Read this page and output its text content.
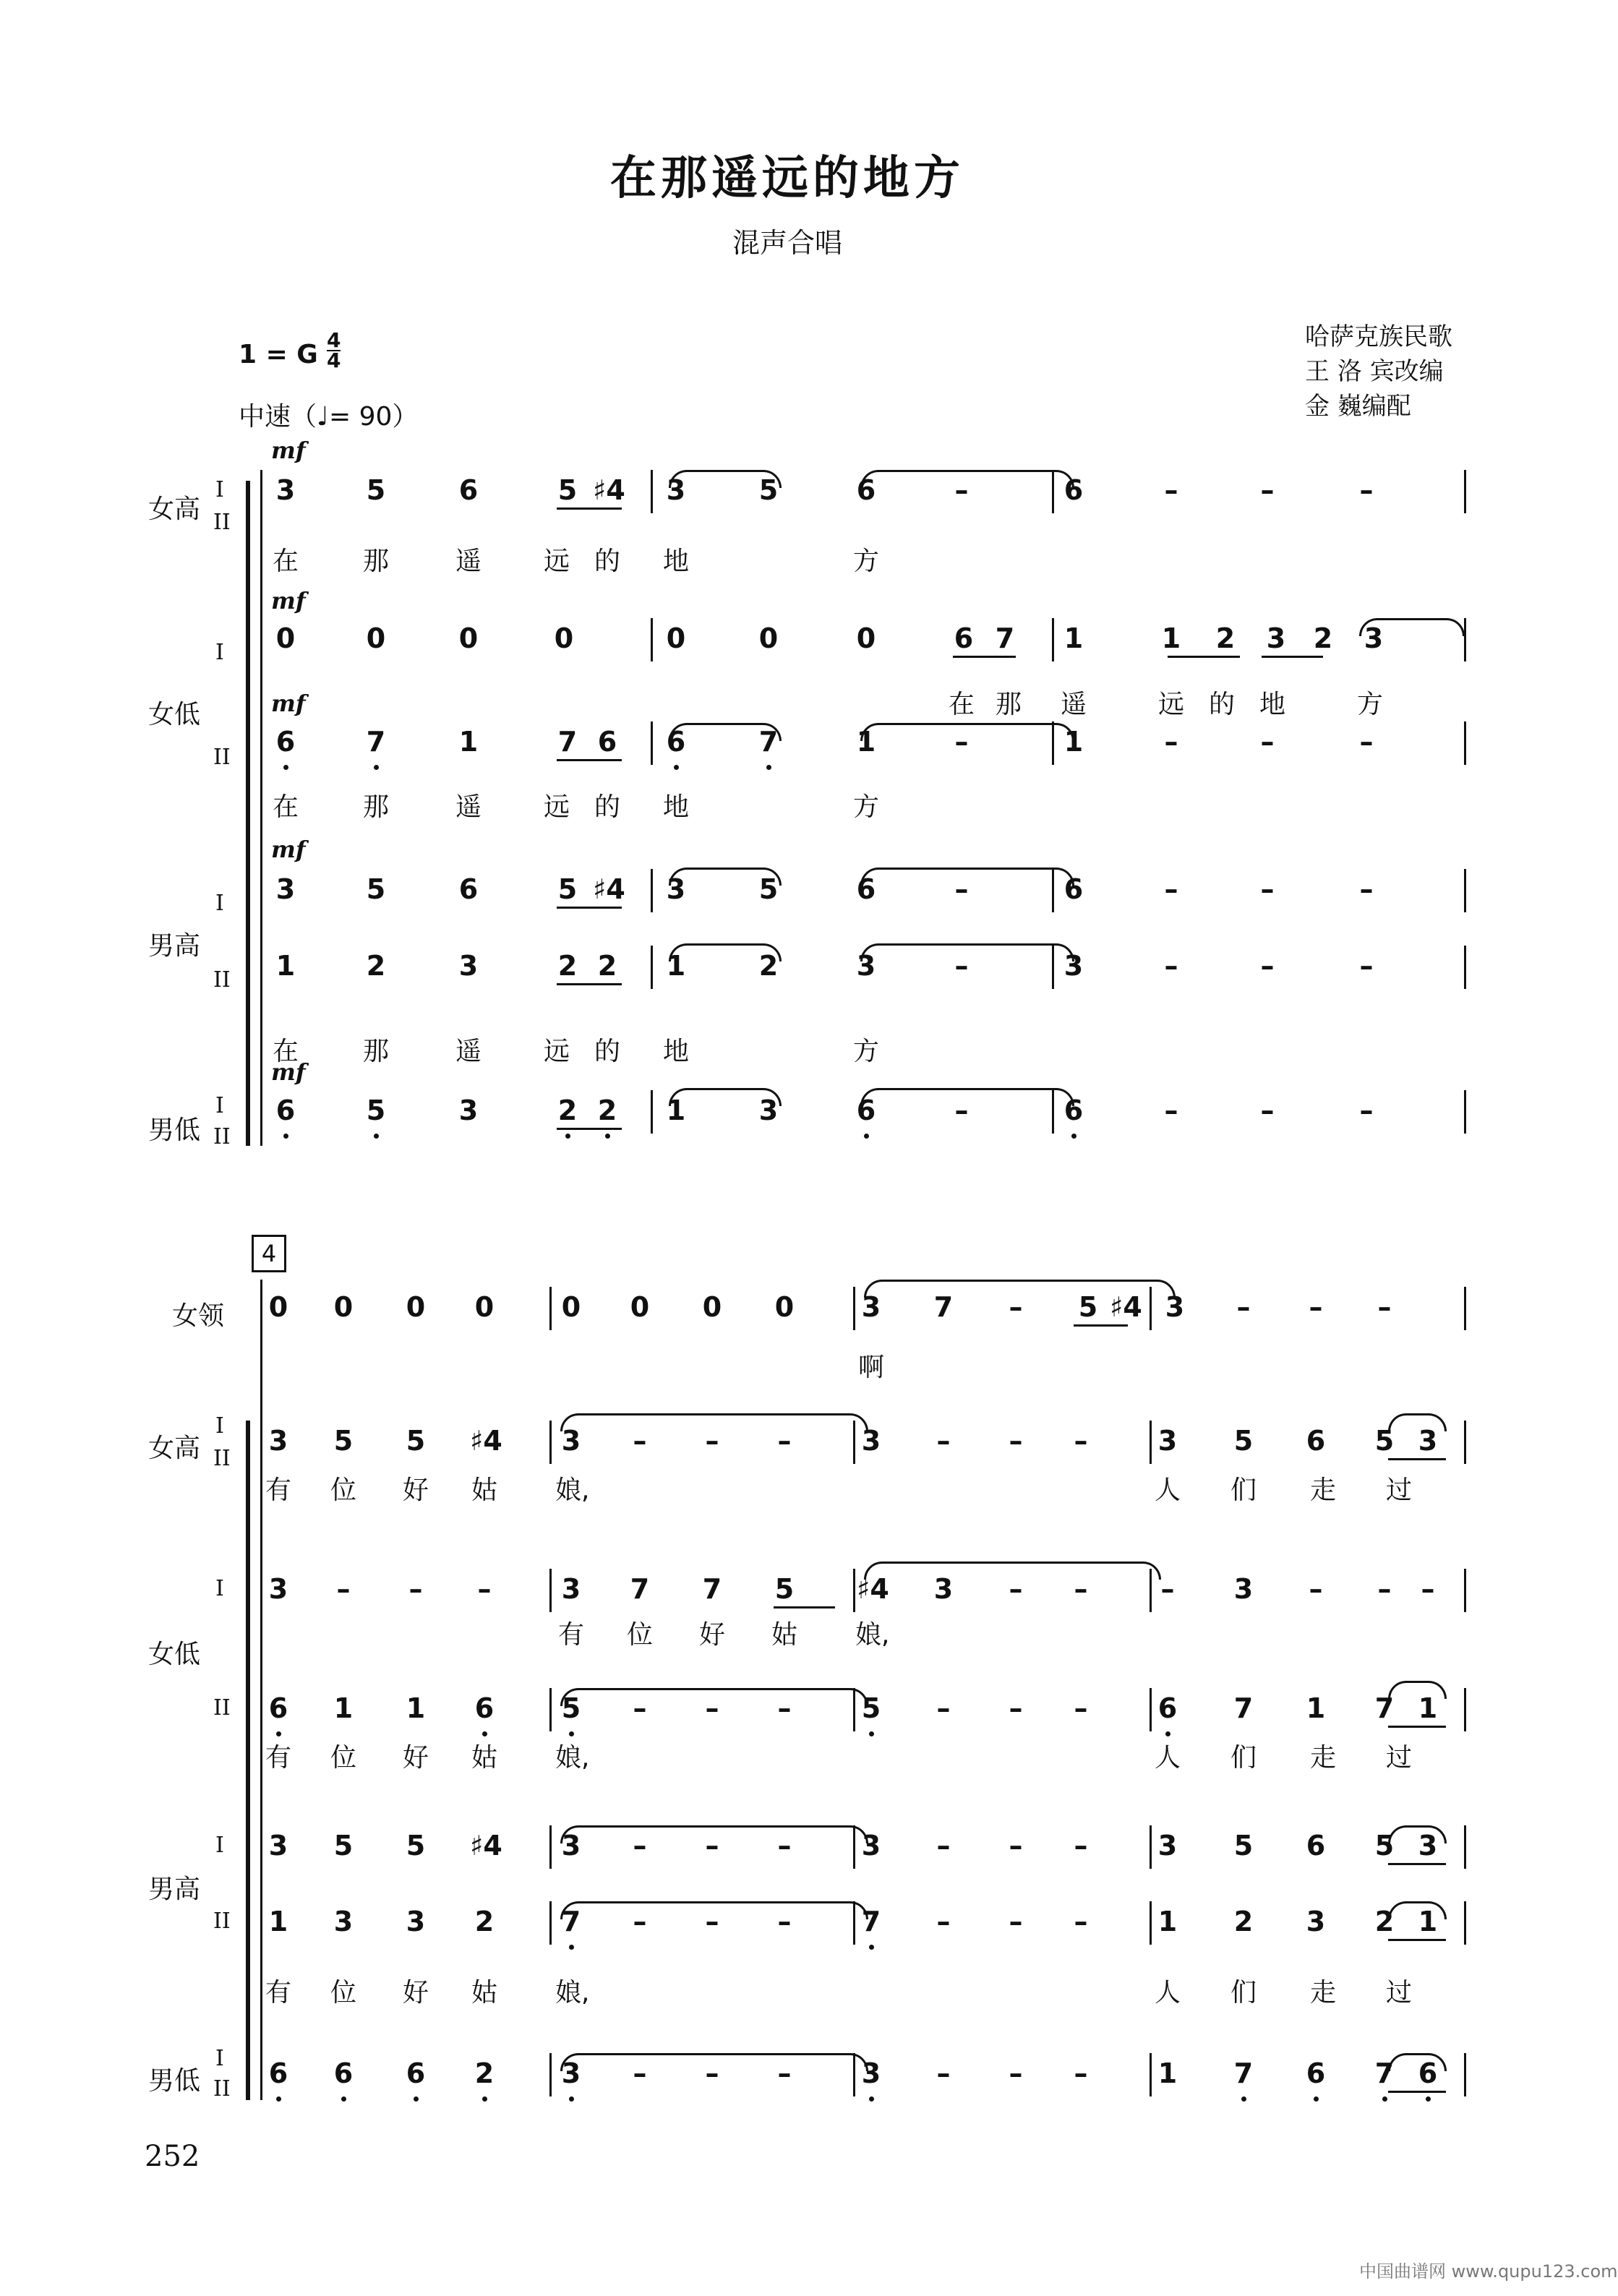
在那遥远的地方
混声合唱
1 = G 4
4
中速（♩= 90）
哈萨克族民歌
王 洛 宾改编
金 巍编配
3	5	6	5 ♯4 3	5	6	–	6	–	–	–
mf
0	0	0	0	0	0	0	6 7 1	1 2 3 2 3
mf
6	7	1	7 6 6	7	1	–	1	–	–	–
mf
3	5	6	5 ♯4 3	5	6	–	6	–	–	–
mf
1	2	3	2 2 1	2	3	–	3	–	–	–
6	5	3	2 2 1	3	6	–	6	–	–	–
mf
在 那	遥 远 的 地	方
在 那	遥 远 的 地	方
在 那	遥 远 的 地	方
在 那 遥	远 的 地	方
女高
I
II
I
女低
II
I
男高
II
男低
I
II
4
0 0 0 0 0 0 0 0 3 7 – 5 ♯4 3 – – –
3 5 5 ♯4 3 – – –	3 – – –	3 5 6 5 3
3 – – –	3 7 7 5 ♯4 3 – –	– 3 – – –
6 1 1 6 5 – – –	5 – – –	6 7 1 7 1
3 5 5 ♯4 3 – – –	3 – – –	3 5 6 5 3
1 3 3 2 7 – – –	7 – – –	1 2 3 2 1
6 6 6 2 3 – – –	3 – – –	1 7 6 7 6
啊
有 位 好 姑 娘,	人 们 走 过
有 位 好 姑 娘,	人 们 走 过
有 位 好 姑 娘,	人 们 走 过
有 位 好 姑 娘,
女领
女高
I
II
I
女低
II
I
男高
II
男低
I
II
252
中国曲谱网 www.qupu123.com
